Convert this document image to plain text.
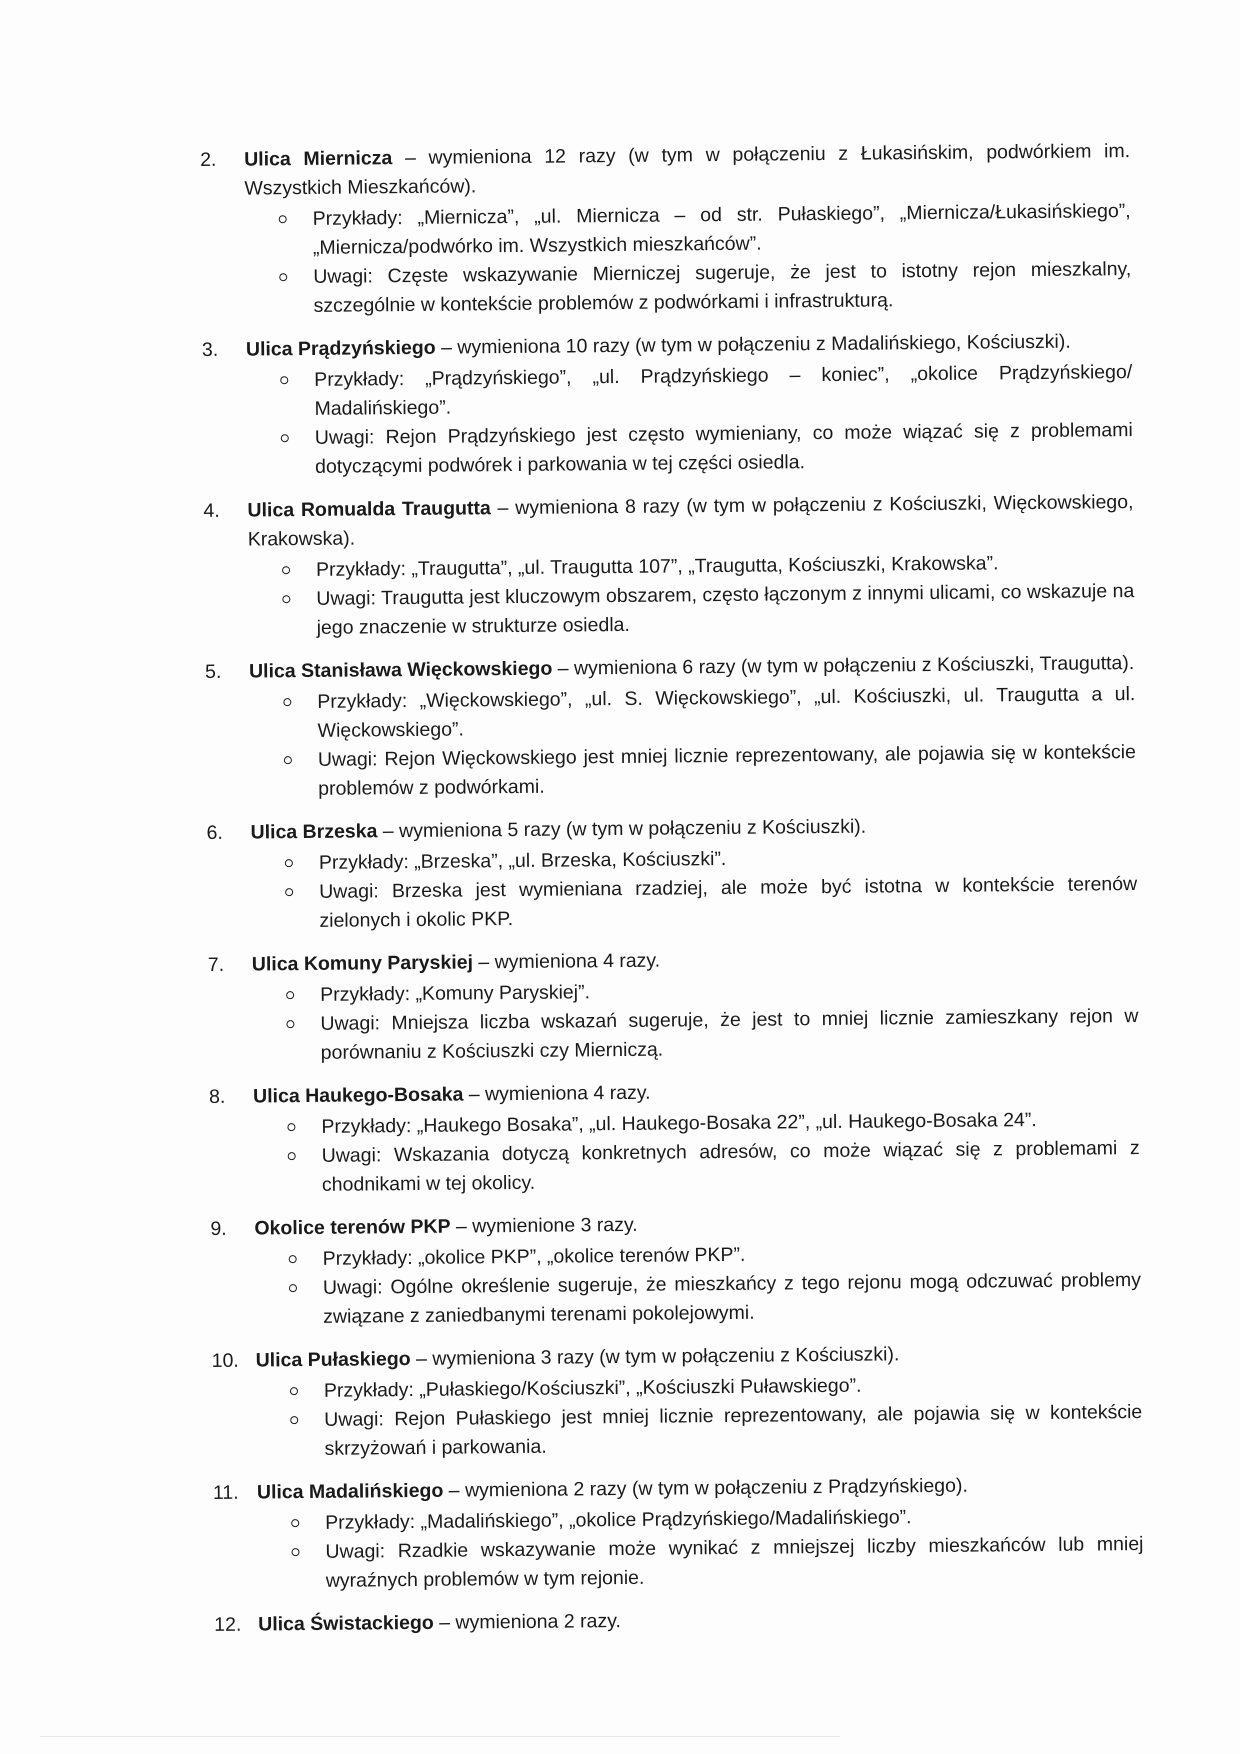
2.	Ulica Miernicza – wymieniona 12 razy (w tym w połączeniu z Łukasińskim, podwórkiem im. Wszystkich Mieszkańców).
Przykłady: „Miernicza”, „ul. Miernicza – od str. Pułaskiego”, „Miernicza/Łukasińskiego”, „Miernicza/podwórko im. Wszystkich mieszkańców”.
Uwagi: Częste wskazywanie Mierniczej sugeruje, że jest to istotny rejon mieszkalny, szczególnie w kontekście problemów z podwórkami i infrastrukturą.
3.	Ulica Prądzyńskiego – wymieniona 10 razy (w tym w połączeniu z Madalińskiego, Kościuszki).
Przykłady: „Prądzyńskiego”, „ul. Prądzyńskiego – koniec”, „okolice Prądzyńskiego/ Madalińskiego”.
Uwagi: Rejon Prądzyńskiego jest często wymieniany, co może wiązać się z problemami dotyczącymi podwórek i parkowania w tej części osiedla.
4.	Ulica Romualda Traugutta – wymieniona 8 razy (w tym w połączeniu z Kościuszki, Więckowskiego, Krakowska).
Przykłady: „Traugutta”, „ul. Traugutta 107”, „Traugutta, Kościuszki, Krakowska”.
Uwagi: Traugutta jest kluczowym obszarem, często łączonym z innymi ulicami, co wskazuje na jego znaczenie w strukturze osiedla.
5.	Ulica Stanisława Więckowskiego – wymieniona 6 razy (w tym w połączeniu z Kościuszki, Traugutta).
Przykłady: „Więckowskiego”, „ul. S. Więckowskiego”, „ul. Kościuszki, ul. Traugutta a ul. Więckowskiego”.
Uwagi: Rejon Więckowskiego jest mniej licznie reprezentowany, ale pojawia się w kontekście problemów z podwórkami.
6.	Ulica Brzeska – wymieniona 5 razy (w tym w połączeniu z Kościuszki).
Przykłady: „Brzeska”, „ul. Brzeska, Kościuszki”.
Uwagi: Brzeska jest wymieniana rzadziej, ale może być istotna w kontekście terenów zielonych i okolic PKP.
7.	Ulica Komuny Paryskiej – wymieniona 4 razy.
Przykłady: „Komuny Paryskiej”.
Uwagi: Mniejsza liczba wskazań sugeruje, że jest to mniej licznie zamieszkany rejon w porównaniu z Kościuszki czy Mierniczą.
8.	Ulica Haukego-Bosaka – wymieniona 4 razy.
Przykłady: „Haukego Bosaka”, „ul. Haukego-Bosaka 22”, „ul. Haukego-Bosaka 24”.
Uwagi: Wskazania dotyczą konkretnych adresów, co może wiązać się z problemami z chodnikami w tej okolicy.
9.	Okolice terenów PKP – wymienione 3 razy.
Przykłady: „okolice PKP”, „okolice terenów PKP”.
Uwagi: Ogólne określenie sugeruje, że mieszkańcy z tego rejonu mogą odczuwać problemy związane z zaniedbanymi terenami pokolejowymi.
10. Ulica Pułaskiego – wymieniona 3 razy (w tym w połączeniu z Kościuszki).
Przykłady: „Pułaskiego/Kościuszki”, „Kościuszki Puławskiego”.
Uwagi: Rejon Pułaskiego jest mniej licznie reprezentowany, ale pojawia się w kontekście skrzyżowań i parkowania.
11. Ulica Madalińskiego – wymieniona 2 razy (w tym w połączeniu z Prądzyńskiego).
Przykłady: „Madalińskiego”, „okolice Prądzyńskiego/Madalińskiego”.
Uwagi: Rzadkie wskazywanie może wynikać z mniejszej liczby mieszkańców lub mniej wyraźnych problemów w tym rejonie.
12. Ulica Świstackiego – wymieniona 2 razy.
